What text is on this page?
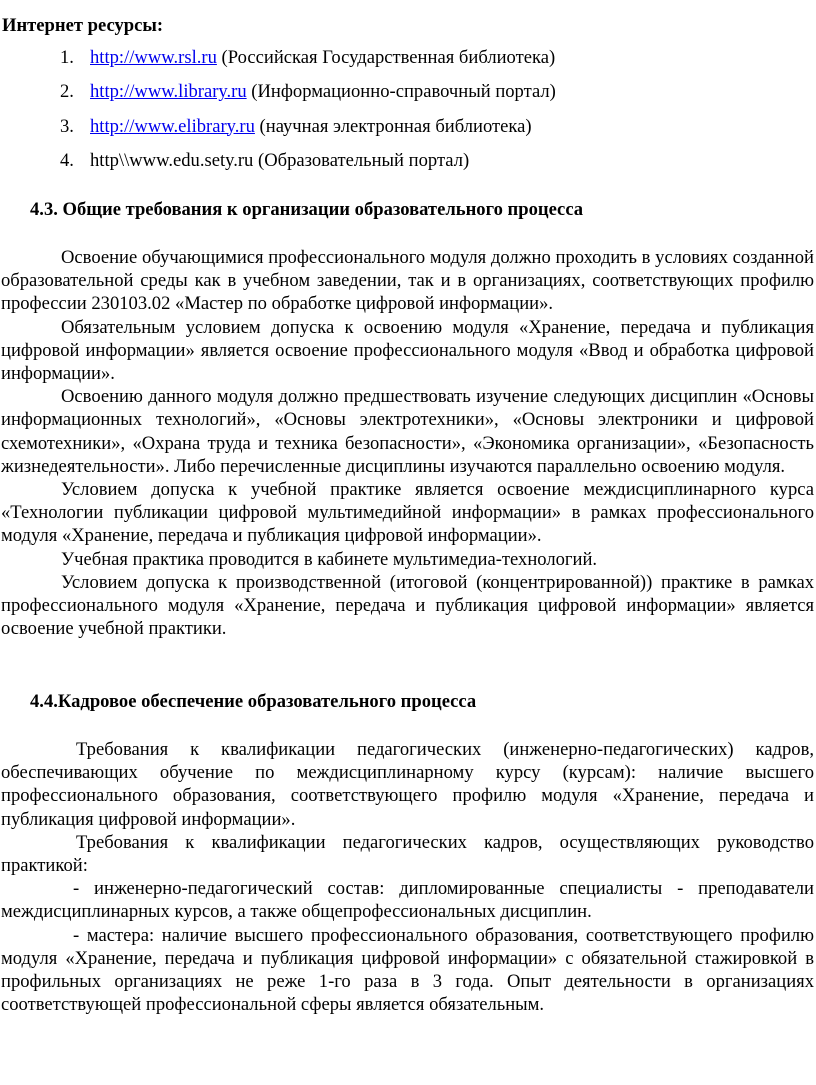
Интернет ресурсы:
1. http://www.rsl.ru (Российская Государственная библиотека)
2. http://www.library.ru (Информационно-справочный портал)
3. http://www.elibrary.ru (научная электронная библиотека)
4. http\\www.edu.sety.ru (Образовательный портал)
4.3. Общие требования к организации образовательного процесса

Освоение обучающимися профессионального модуля должно проходить в условиях созданной образовательной среды как в учебном заведении, так и в организациях, соответствующих профилю профессии 230103.02 «Мастер по обработке цифровой информации».

Обязательным условием допуска к освоению модуля «Хранение, передача и публикация цифровой информации» является освоение профессионального модуля «Ввод и обработка цифровой информации».

Освоению данного модуля должно предшествовать изучение следующих дисциплин «Основы информационных технологий», «Основы электротехники», «Основы электроники и цифровой схемотехники», «Охрана труда и техника безопасности», «Экономика организации», «Безопасность жизнедеятельности». Либо перечисленные дисциплины изучаются параллельно освоению модуля.

Условием допуска к учебной практике является освоение междисциплинарного курса «Технологии публикации цифровой мультимедийной информации» в рамках профессионального модуля «Хранение, передача и публикация цифровой информации».

Учебная практика проводится в кабинете мультимедиа-технологий.

Условием допуска к производственной (итоговой (концентрированной)) практике в рамках профессионального модуля «Хранение, передача и публикация цифровой информации» является освоение учебной практики.

4.4.Кадровое обеспечение образовательного процесса

Требования к квалификации педагогических (инженерно-педагогических) кадров, обеспечивающих обучение по междисциплинарному курсу (курсам): наличие высшего профессионального образования, соответствующего профилю модуля «Хранение, передача и публикация цифровой информации».

Требования к квалификации педагогических кадров, осуществляющих руководство практикой:

- инженерно-педагогический состав: дипломированные специалисты - преподаватели междисциплинарных курсов, а также общепрофессиональных дисциплин.

- мастера: наличие высшего профессионального образования, соответствующего профилю модуля «Хранение, передача и публикация цифровой информации» с обязательной стажировкой в профильных организациях не реже 1-го раза в 3 года. Опыт деятельности в организациях соответствующей профессиональной сферы является обязательным.
